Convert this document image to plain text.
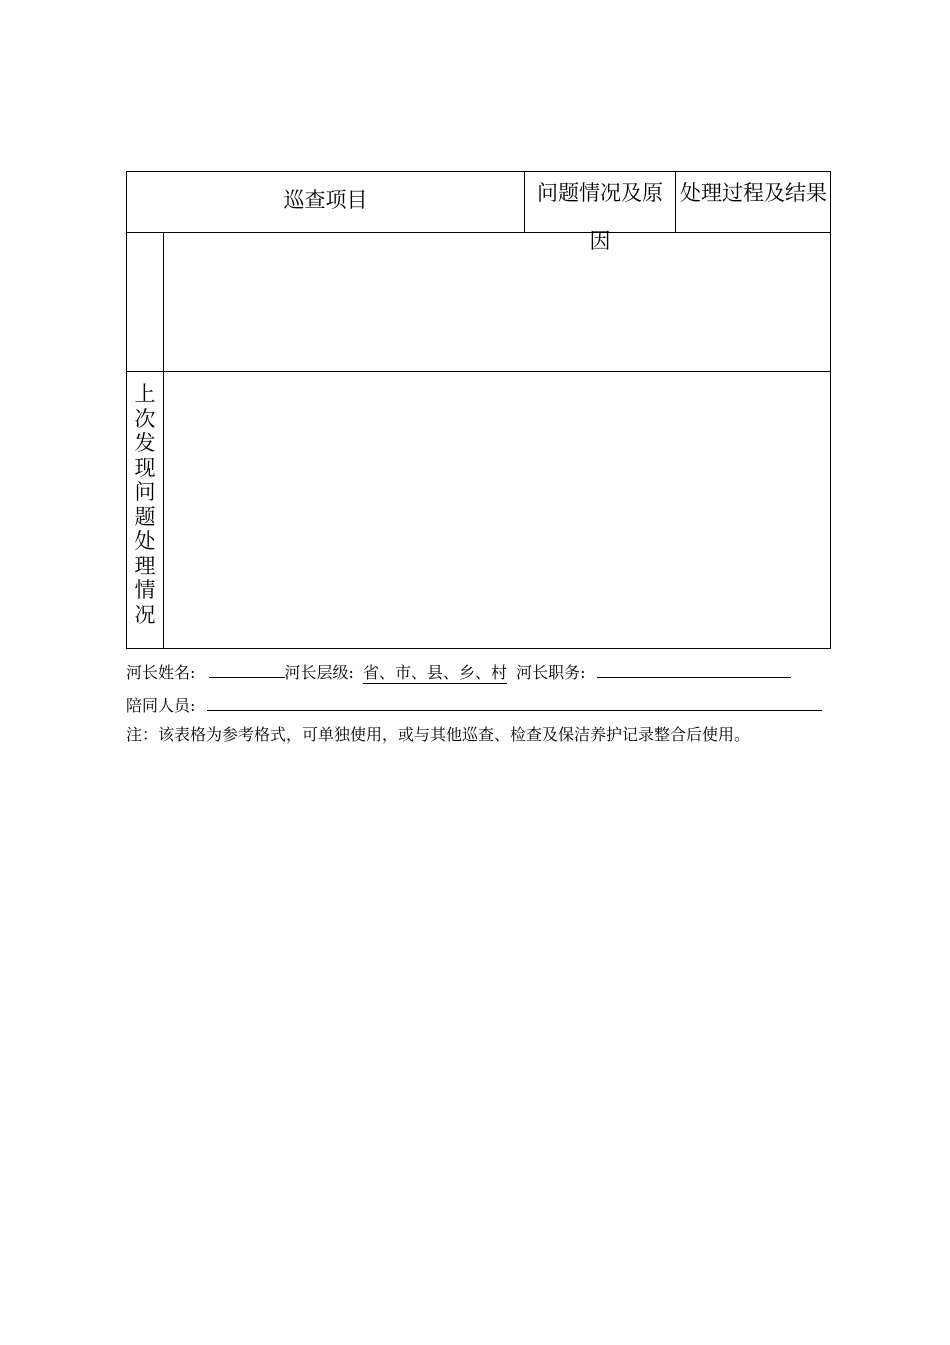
巡查项目	问题情况及原因
处理过程及结果
上次发现问题处理情况
河长姓名:	河长层级: 省、市、县、乡、村 河长职务:
陪同人员:
注：该表格为参考格式，可单独使用，或与其他巡查、检查及保洁养护记录整合后使用。
